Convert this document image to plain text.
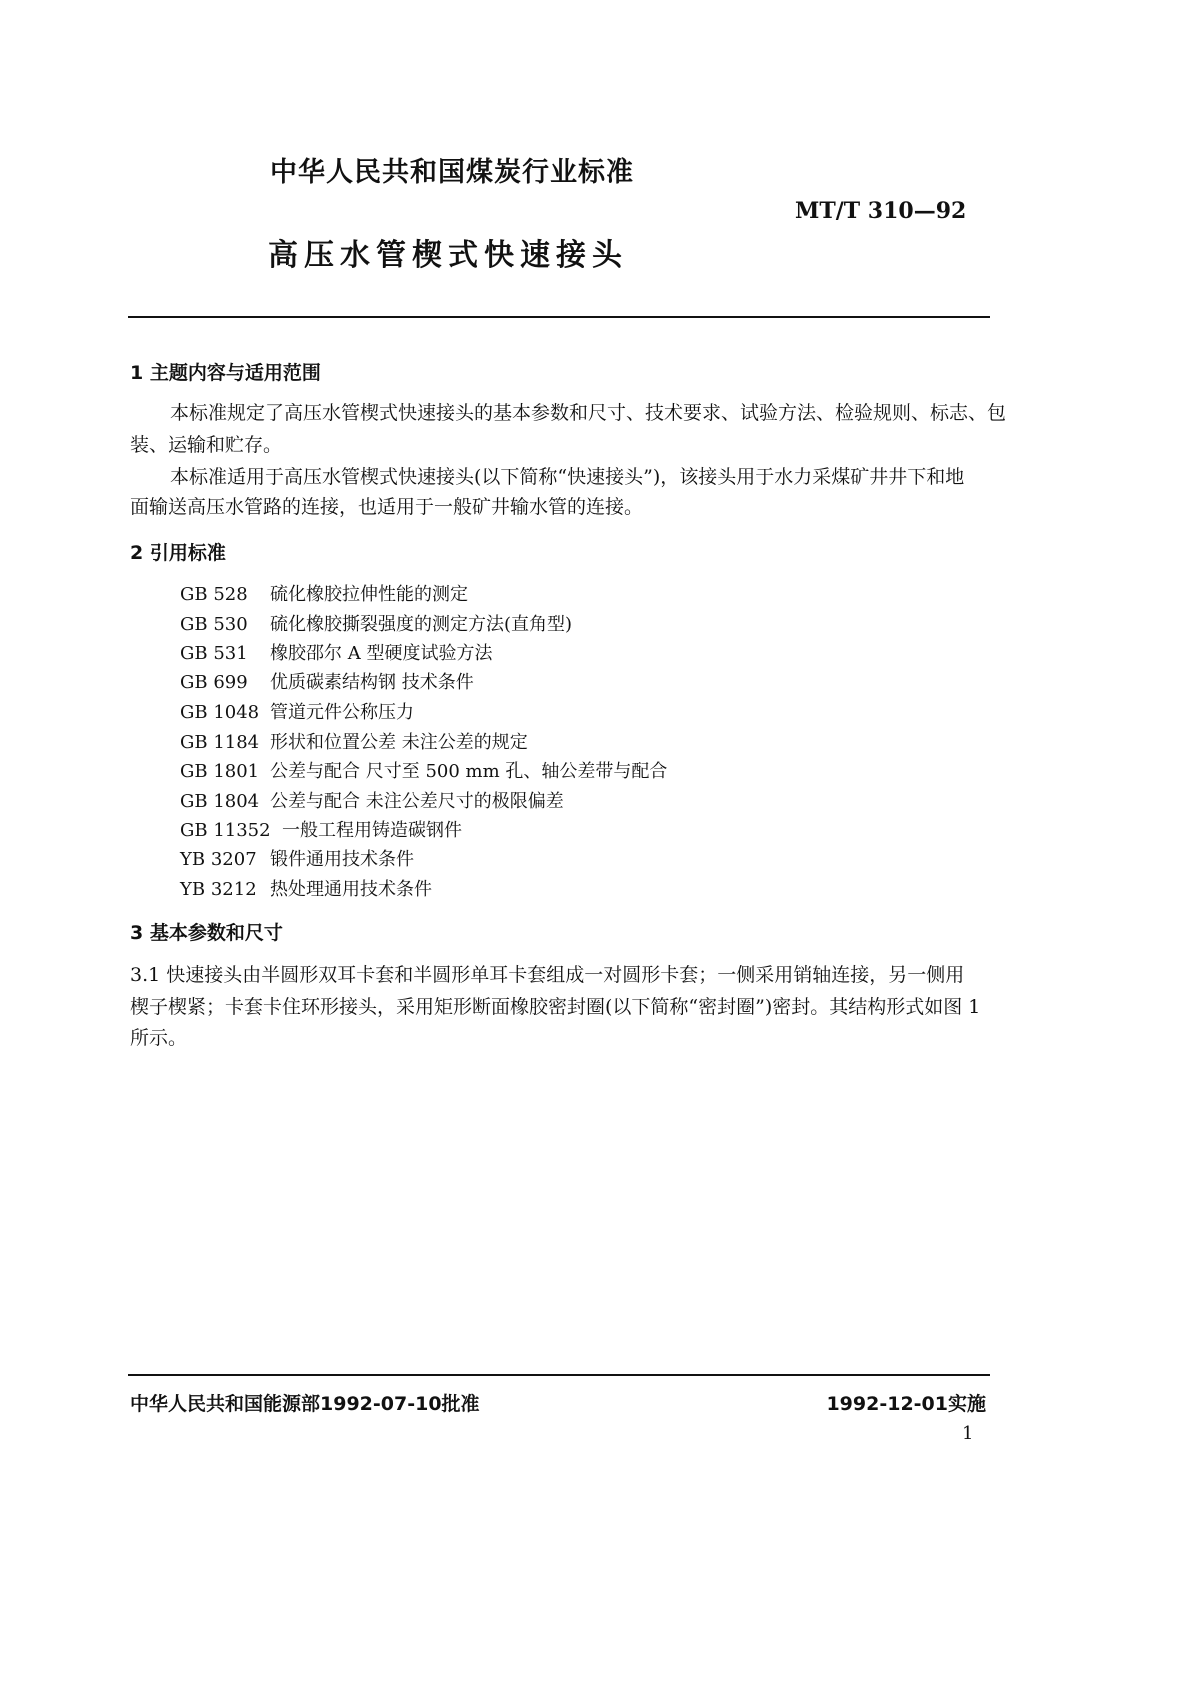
中华人民共和国煤炭行业标准
MT/T 310—92
高压水管楔式快速接头
1 主题内容与适用范围
本标准规定了高压水管楔式快速接头的基本参数和尺寸、技术要求、试验方法、检验规则、标志、包
装、运输和贮存。
本标准适用于高压水管楔式快速接头(以下简称“快速接头”)，该接头用于水力采煤矿井井下和地
面输送高压水管路的连接，也适用于一般矿井输水管的连接。
2 引用标准
GB 528 硫化橡胶拉伸性能的测定
GB 530 硫化橡胶撕裂强度的测定方法(直角型)
GB 531 橡胶邵尔 A 型硬度试验方法
GB 699 优质碳素结构钢 技术条件
GB 1048 管道元件公称压力
GB 1184 形状和位置公差 未注公差的规定
GB 1801 公差与配合 尺寸至 500 mm 孔、轴公差带与配合
GB 1804 公差与配合 未注公差尺寸的极限偏差
GB 11352 一般工程用铸造碳钢件
YB 3207 锻件通用技术条件
YB 3212 热处理通用技术条件
3 基本参数和尺寸
3.1 快速接头由半圆形双耳卡套和半圆形单耳卡套组成一对圆形卡套；一侧采用销轴连接，另一侧用
楔子楔紧；卡套卡住环形接头，采用矩形断面橡胶密封圈(以下简称“密封圈”)密封。其结构形式如图 1
所示。
中华人民共和国能源部1992-07-10批准	1992-12-01实施
1
